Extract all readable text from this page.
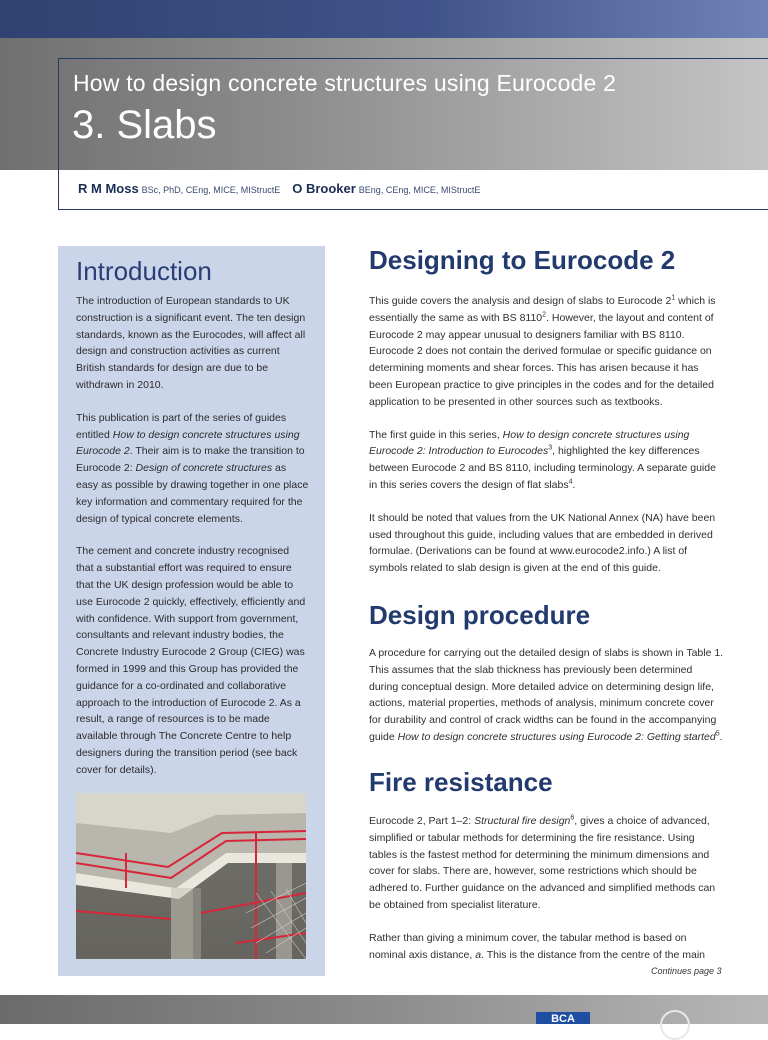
How to design concrete structures using Eurocode 2
3. Slabs
R M Moss BSc, PhD, CEng, MICE, MIStructE O Brooker BEng, CEng, MICE, MIStructE
Introduction

The introduction of European standards to UK construction is a significant event. The ten design standards, known as the Eurocodes, will affect all design and construction activities as current British standards for design are due to be withdrawn in 2010.

This publication is part of the series of guides entitled How to design concrete structures using Eurocode 2. Their aim is to make the transition to Eurocode 2: Design of concrete structures as easy as possible by drawing together in one place key information and commentary required for the design of typical concrete elements.

The cement and concrete industry recognised that a substantial effort was required to ensure that the UK design profession would be able to use Eurocode 2 quickly, effectively, efficiently and with confidence. With support from government, consultants and relevant industry bodies, the Concrete Industry Eurocode 2 Group (CIEG) was formed in 1999 and this Group has provided the guidance for a co-ordinated and collaborative approach to the introduction of Eurocode 2. As a result, a range of resources is to be made available through The Concrete Centre to help designers during the transition period (see back cover for details).

Designing to Eurocode 2

This guide covers the analysis and design of slabs to Eurocode $2^1$ which is essentially the same as with BS 8110$^2$. However, the layout and content of Eurocode 2 may appear unusual to designers familiar with BS 8110. Eurocode 2 does not contain the derived formulae or specific guidance on determining moments and shear forces. This has arisen because it has been European practice to give principles in the codes and for the detailed application to be presented in other sources such as textbooks.

The first guide in this series, How to design concrete structures using Eurocode 2: Introduction to Eurocodes$^3$, highlighted the key differences between Eurocode 2 and BS 8110, including terminology. A separate guide in this series covers the design of flat slabs$^4$.

It should be noted that values from the UK National Annex (NA) have been used throughout this guide, including values that are embedded in derived formulae. (Derivations can be found at www.eurocode2.info.) A list of symbols related to slab design is given at the end of this guide.

Design procedure

A procedure for carrying out the detailed design of slabs is shown in Table 1. This assumes that the slab thickness has previously been determined during conceptual design. More detailed advice on determining design life, actions, material properties, methods of analysis, minimum concrete cover for durability and control of crack widths can be found in the accompanying guide How to design concrete structures using Eurocode 2: Getting started$^5$.

Fire resistance

Eurocode 2, Part 1–2: Structural fire design$^6$, gives a choice of advanced, simplified or tabular methods for determining the fire resistance. Using tables is the fastest method for determining the minimum dimensions and cover for slabs. There are, however, some restrictions which should be adhered to. Further guidance on the advanced and simplified methods can be obtained from specialist literature.

Rather than giving a minimum cover, the tabular method is based on nominal axis distance, a. This is the distance from the centre of the main

Continues page 3
BCA
